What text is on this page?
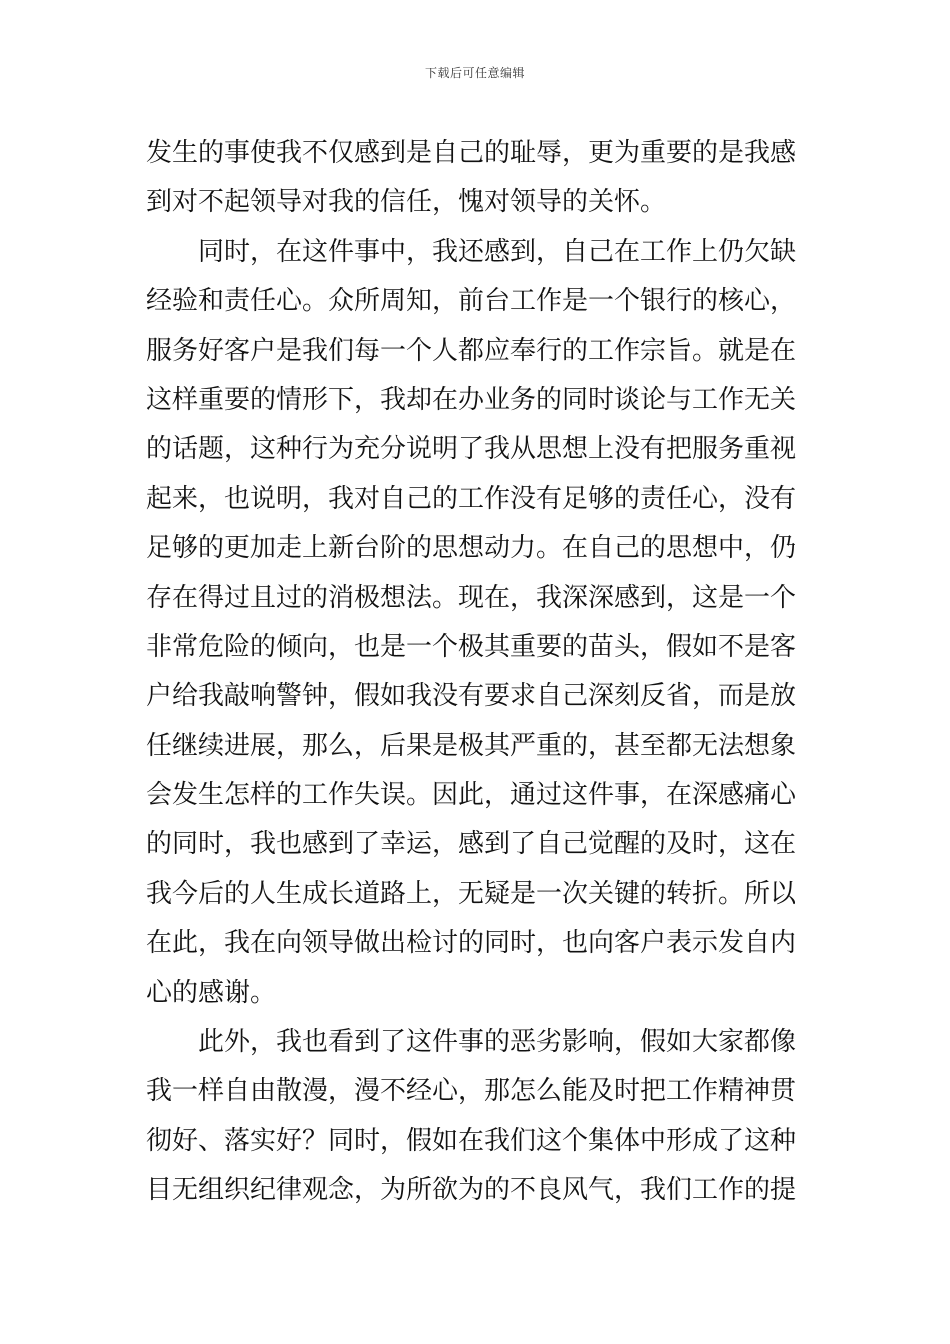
下载后可任意编辑
发生的事使我不仅感到是自己的耻辱，更为重要的是我感
到对不起领导对我的信任，愧对领导的关怀。
同时，在这件事中，我还感到，自己在工作上仍欠缺
经验和责任心。众所周知，前台工作是一个银行的核心，
服务好客户是我们每一个人都应奉行的工作宗旨。就是在
这样重要的情形下，我却在办业务的同时谈论与工作无关
的话题，这种行为充分说明了我从思想上没有把服务重视
起来，也说明，我对自己的工作没有足够的责任心，没有
足够的更加走上新台阶的思想动力。在自己的思想中，仍
存在得过且过的消极想法。现在，我深深感到，这是一个
非常危险的倾向，也是一个极其重要的苗头，假如不是客
户给我敲响警钟，假如我没有要求自己深刻反省，而是放
任继续进展，那么，后果是极其严重的，甚至都无法想象
会发生怎样的工作失误。因此，通过这件事，在深感痛心
的同时，我也感到了幸运，感到了自己觉醒的及时，这在
我今后的人生成长道路上，无疑是一次关键的转折。所以
在此，我在向领导做出检讨的同时，也向客户表示发自内
心的感谢。
此外，我也看到了这件事的恶劣影响，假如大家都像
我一样自由散漫，漫不经心，那怎么能及时把工作精神贯
彻好、落实好？同时，假如在我们这个集体中形成了这种
目无组织纪律观念，为所欲为的不良风气，我们工作的提
